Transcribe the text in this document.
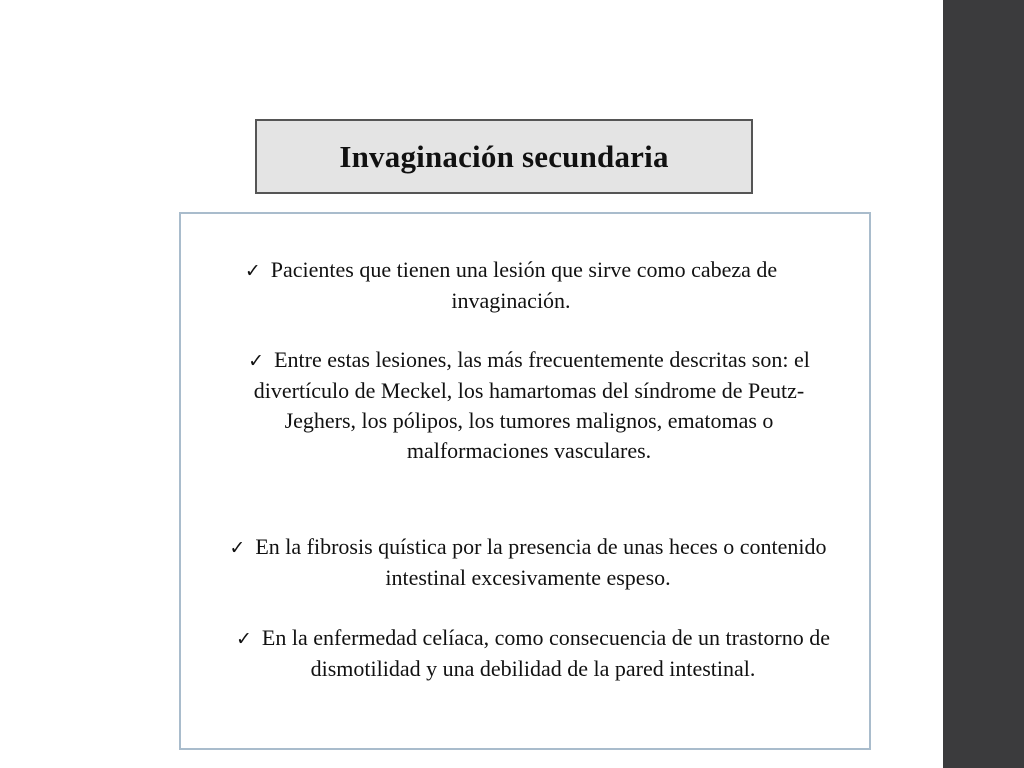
Invaginación secundaria

✓ Pacientes que tienen una lesión que sirve como cabeza de invaginación.

✓ Entre estas lesiones, las más frecuentemente descritas son: el divertículo de Meckel, los hamartomas del síndrome de Peutz-Jeghers, los pólipos, los tumores malignos, ematomas o malformaciones vasculares.

✓ En la fibrosis quística por la presencia de unas heces o contenido intestinal excesivamente espeso.

✓ En la enfermedad celíaca, como consecuencia de un trastorno de dismotilidad y una debilidad de la pared intestinal.
